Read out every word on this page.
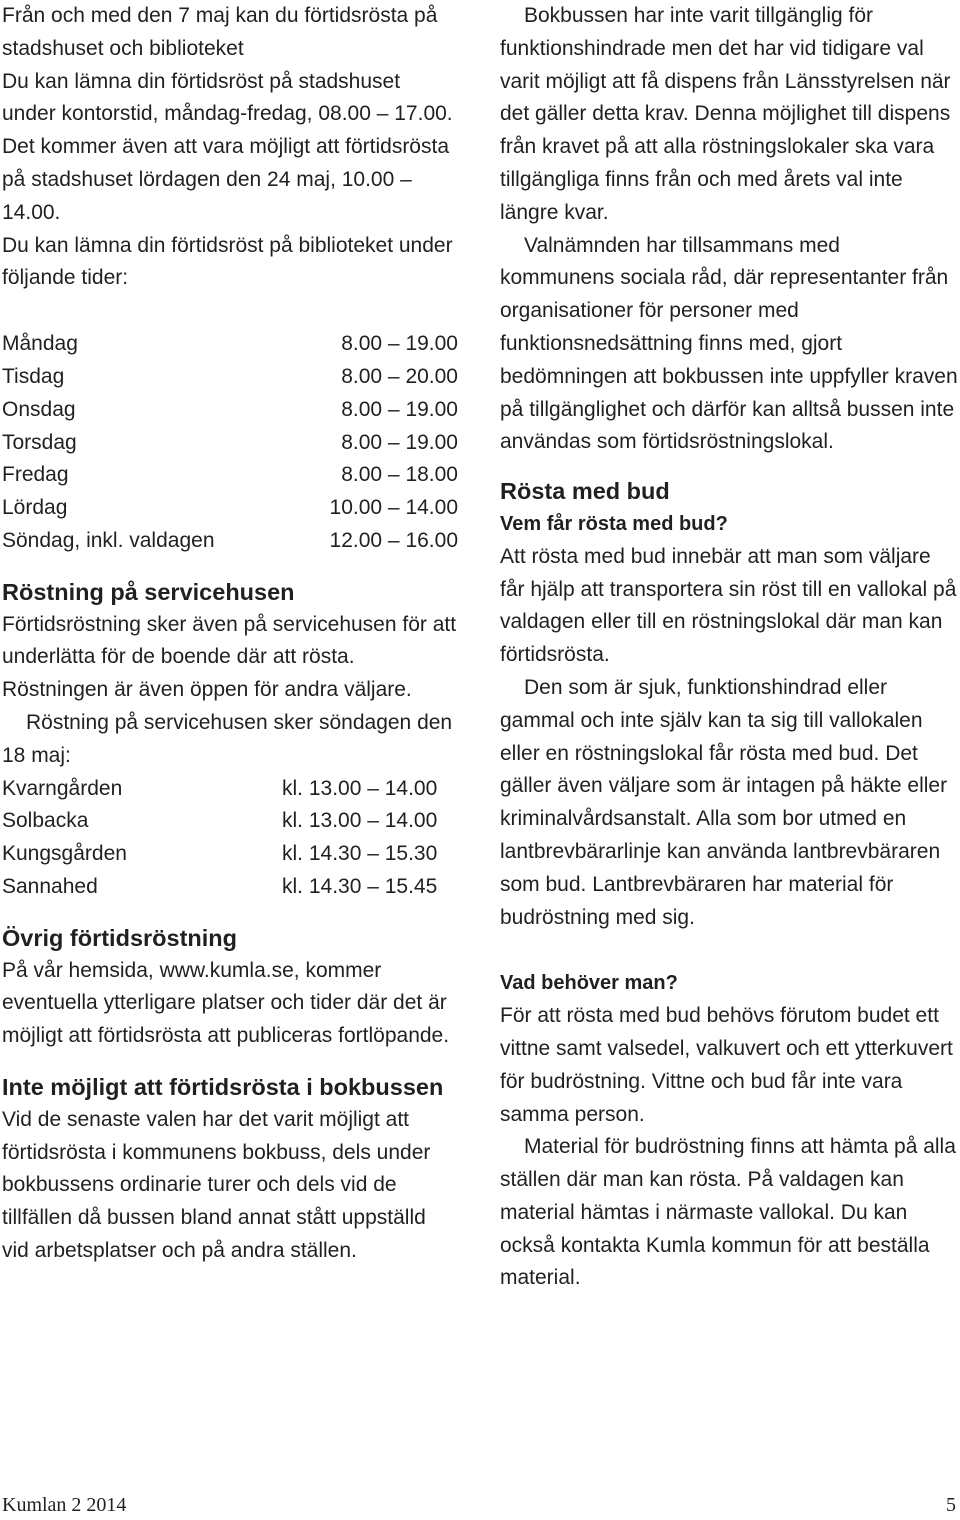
Från och med den 7 maj kan du förtidsrösta på stadshuset och biblioteket

Du kan lämna din förtidsröst på stadshuset under kontorstid, måndag-fredag, 08.00 – 17.00. Det kommer även att vara möjligt att förtidsrösta på stadshuset lördagen den 24 maj, 10.00 – 14.00.

Du kan lämna din förtidsröst på biblioteket under följande tider:

Måndag	8.00 – 19.00
Tisdag	8.00 – 20.00
Onsdag	8.00 – 19.00
Torsdag	8.00 – 19.00
Fredag	8.00 – 18.00
Lördag	10.00 – 14.00
Söndag, inkl. valdagen	12.00 – 16.00
Röstning på servicehusen

Förtidsröstning sker även på servicehusen för att underlätta för de boende där att rösta. Röstningen är även öppen för andra väljare.

Röstning på servicehusen sker söndagen den 18 maj:

Kvarngården	kl. 13.00 – 14.00
Solbacka	kl. 13.00 – 14.00
Kungsgården	kl. 14.30 – 15.30
Sannahed	kl. 14.30 – 15.45
Övrig förtidsröstning

På vår hemsida, www.kumla.se, kommer eventuella ytterligare platser och tider där det är möjligt att förtidsrösta att publiceras fortlöpande.

Inte möjligt att förtidsrösta i bokbussen

Vid de senaste valen har det varit möjligt att förtidsrösta i kommunens bokbuss, dels under bokbussens ordinarie turer och dels vid de tillfällen då bussen bland annat stått uppställd vid arbetsplatser och på andra ställen.

Bokbussen har inte varit tillgänglig för funktionshindrade men det har vid tidigare val varit möjligt att få dispens från Länsstyrelsen när det gäller detta krav. Denna möjlighet till dispens från kravet på att alla röstningslokaler ska vara tillgängliga finns från och med årets val inte längre kvar.

Valnämnden har tillsammans med kommunens sociala råd, där representanter från organisationer för personer med funktionsnedsättning finns med, gjort bedömningen att bokbussen inte uppfyller kraven på tillgänglighet och därför kan alltså bussen inte användas som förtidsröstningslokal.

Rösta med bud
Vem får rösta med bud?

Att rösta med bud innebär att man som väljare får hjälp att transportera sin röst till en vallokal på valdagen eller till en röstningslokal där man kan förtidsrösta.

Den som är sjuk, funktionshindrad eller gammal och inte själv kan ta sig till vallokalen eller en röstningslokal får rösta med bud. Det gäller även väljare som är intagen på häkte eller kriminalvårdsanstalt. Alla som bor utmed en lantbrevbärarlinje kan använda lantbrevbäraren som bud. Lantbrevbäraren har material för budröstning med sig.

Vad behöver man?

För att rösta med bud behövs förutom budet ett vittne samt valsedel, valkuvert och ett ytterkuvert för budröstning. Vittne och bud får inte vara samma person.

Material för budröstning finns att hämta på alla ställen där man kan rösta. På valdagen kan material hämtas i närmaste vallokal. Du kan också kontakta Kumla kommun för att beställa material.

Kumlan 2 2014	5
